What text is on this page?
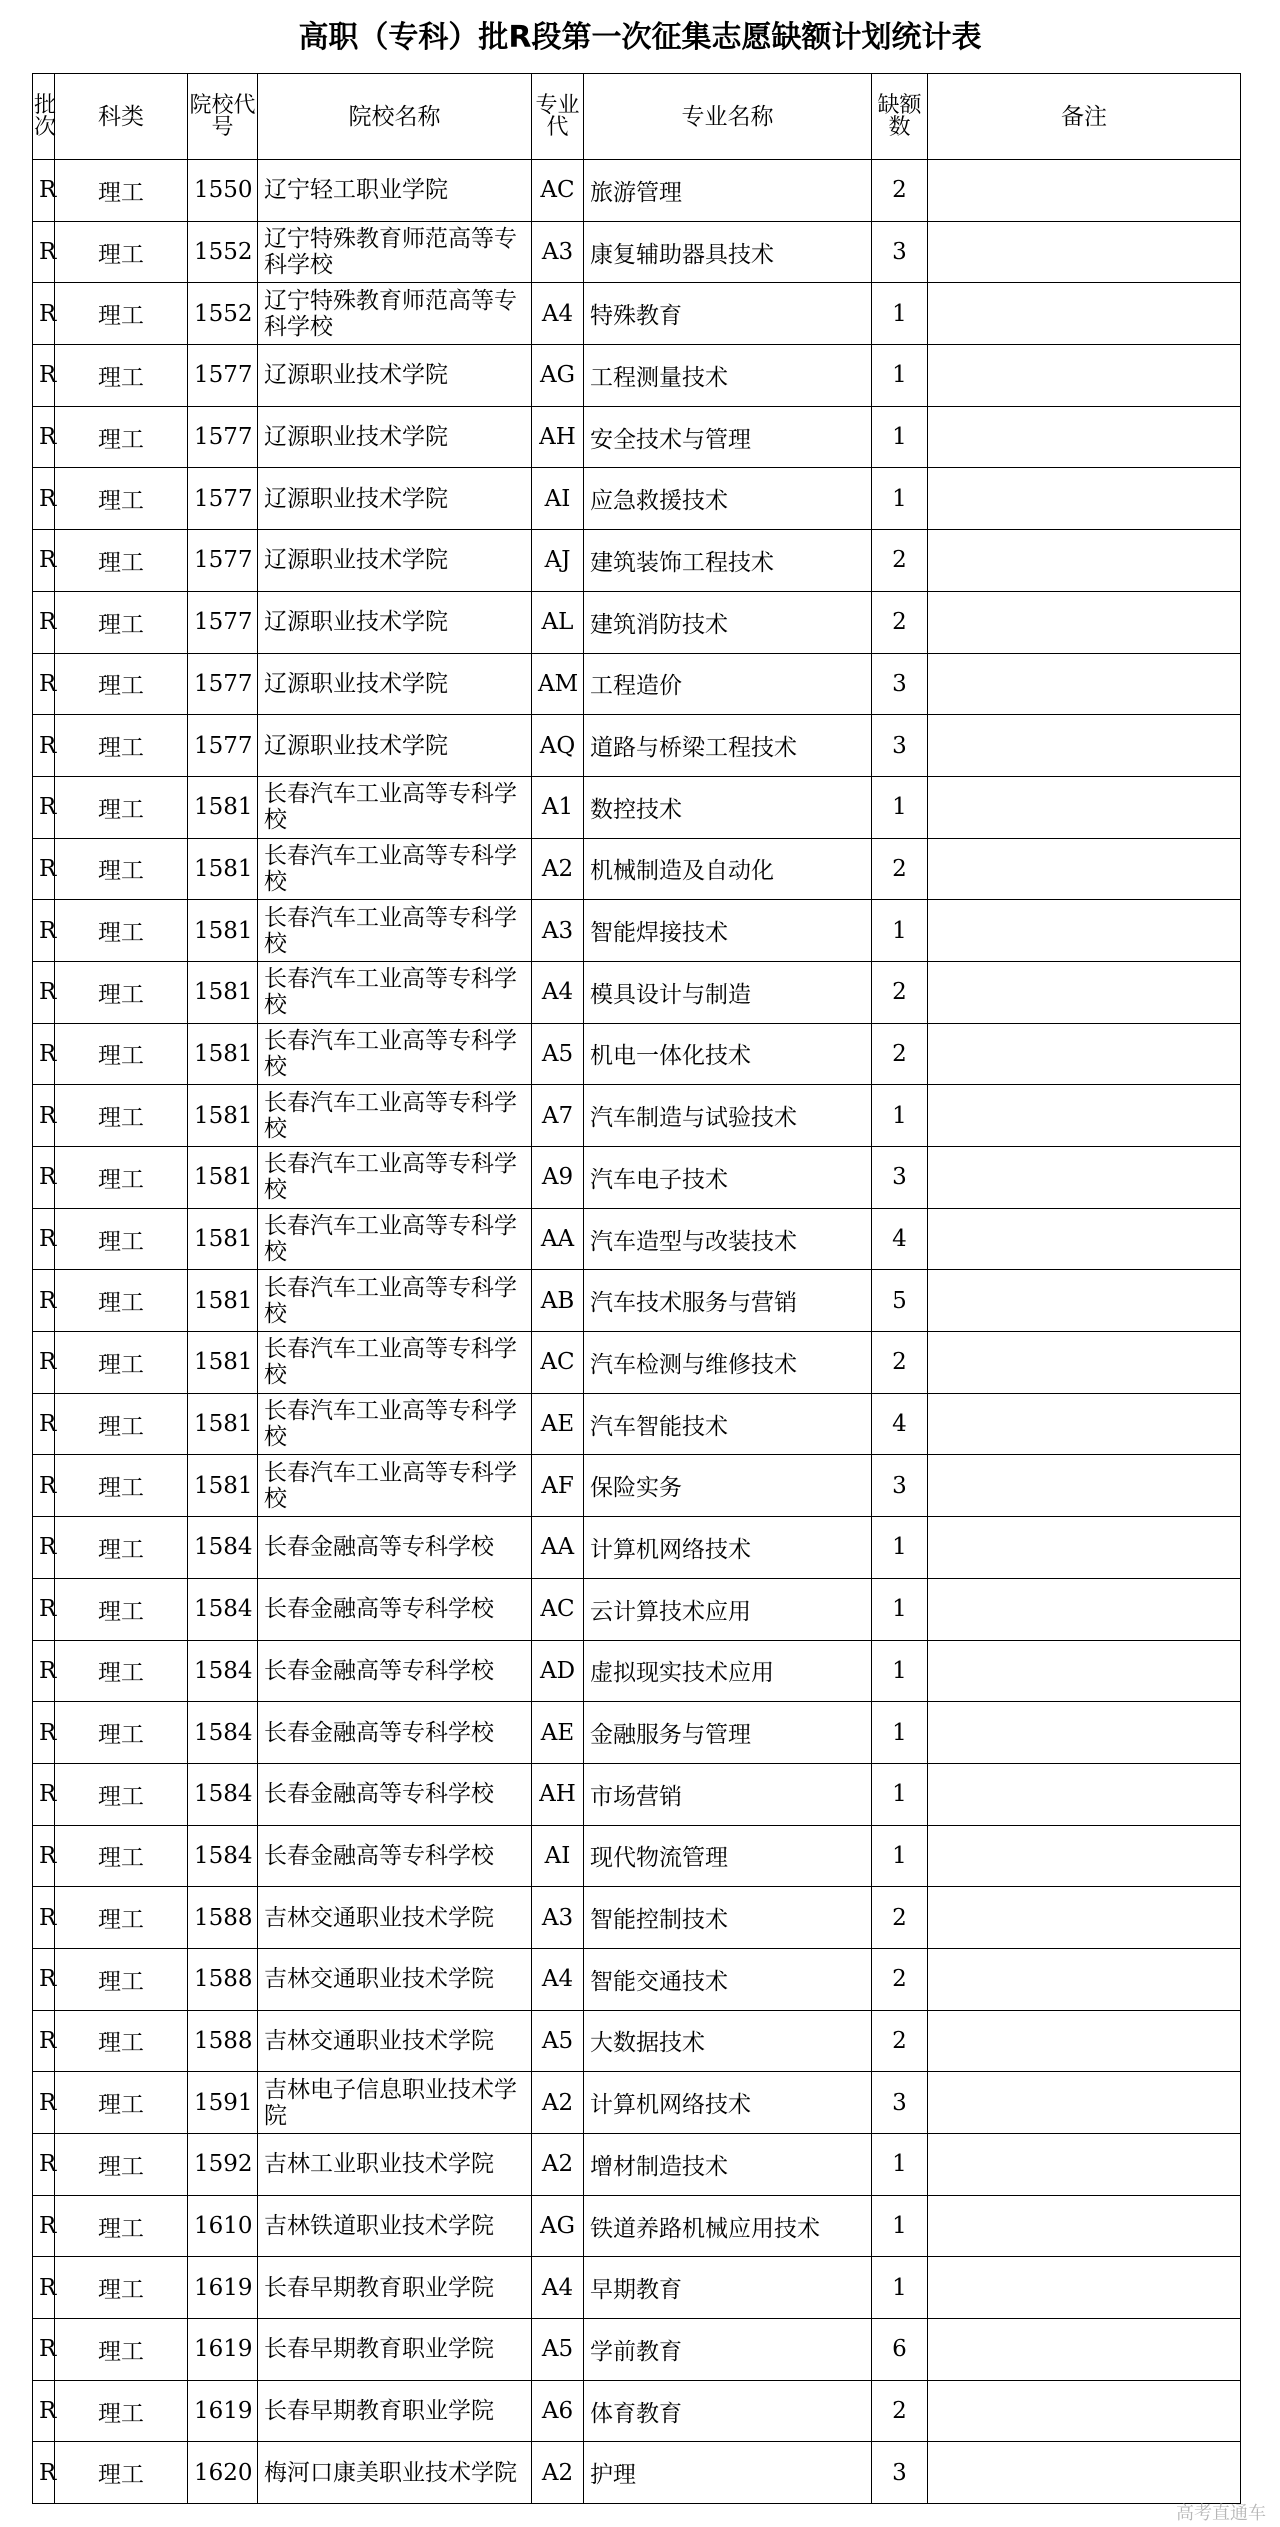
高职（专科）批R段第一次征集志愿缺额计划统计表
批次	科类	院校代号	院校名称	专业代	专业名称	缺额数	备注
R	理工	1550	辽宁轻工职业学院	AC	旅游管理	2	
R	理工	1552	辽宁特殊教育师范高等专科学校	A3	康复辅助器具技术	3	
R	理工	1552	辽宁特殊教育师范高等专科学校	A4	特殊教育	1	
R	理工	1577	辽源职业技术学院	AG	工程测量技术	1	
R	理工	1577	辽源职业技术学院	AH	安全技术与管理	1	
R	理工	1577	辽源职业技术学院	AI	应急救援技术	1	
R	理工	1577	辽源职业技术学院	AJ	建筑装饰工程技术	2	
R	理工	1577	辽源职业技术学院	AL	建筑消防技术	2	
R	理工	1577	辽源职业技术学院	AM	工程造价	3	
R	理工	1577	辽源职业技术学院	AQ	道路与桥梁工程技术	3	
R	理工	1581	长春汽车工业高等专科学校	A1	数控技术	1	
R	理工	1581	长春汽车工业高等专科学校	A2	机械制造及自动化	2	
R	理工	1581	长春汽车工业高等专科学校	A3	智能焊接技术	1	
R	理工	1581	长春汽车工业高等专科学校	A4	模具设计与制造	2	
R	理工	1581	长春汽车工业高等专科学校	A5	机电一体化技术	2	
R	理工	1581	长春汽车工业高等专科学校	A7	汽车制造与试验技术	1	
R	理工	1581	长春汽车工业高等专科学校	A9	汽车电子技术	3	
R	理工	1581	长春汽车工业高等专科学校	AA	汽车造型与改装技术	4	
R	理工	1581	长春汽车工业高等专科学校	AB	汽车技术服务与营销	5	
R	理工	1581	长春汽车工业高等专科学校	AC	汽车检测与维修技术	2	
R	理工	1581	长春汽车工业高等专科学校	AE	汽车智能技术	4	
R	理工	1581	长春汽车工业高等专科学校	AF	保险实务	3	
R	理工	1584	长春金融高等专科学校	AA	计算机网络技术	1	
R	理工	1584	长春金融高等专科学校	AC	云计算技术应用	1	
R	理工	1584	长春金融高等专科学校	AD	虚拟现实技术应用	1	
R	理工	1584	长春金融高等专科学校	AE	金融服务与管理	1	
R	理工	1584	长春金融高等专科学校	AH	市场营销	1	
R	理工	1584	长春金融高等专科学校	AI	现代物流管理	1	
R	理工	1588	吉林交通职业技术学院	A3	智能控制技术	2	
R	理工	1588	吉林交通职业技术学院	A4	智能交通技术	2	
R	理工	1588	吉林交通职业技术学院	A5	大数据技术	2	
R	理工	1591	吉林电子信息职业技术学院	A2	计算机网络技术	3	
R	理工	1592	吉林工业职业技术学院	A2	增材制造技术	1	
R	理工	1610	吉林铁道职业技术学院	AG	铁道养路机械应用技术	1	
R	理工	1619	长春早期教育职业学院	A4	早期教育	1	
R	理工	1619	长春早期教育职业学院	A5	学前教育	6	
R	理工	1619	长春早期教育职业学院	A6	体育教育	2	
R	理工	1620	梅河口康美职业技术学院	A2	护理	3	
高考直通车
